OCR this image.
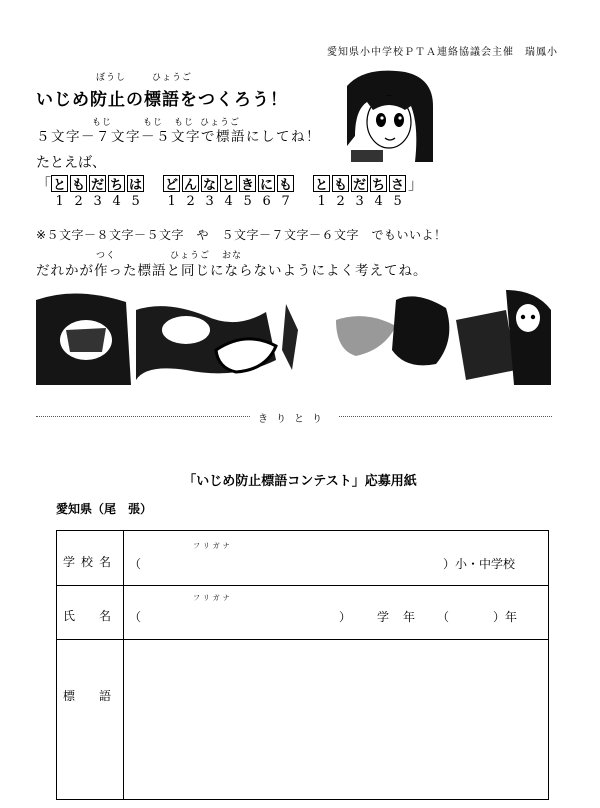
愛知県小中学校ＰＴＡ連絡協議会主催　瑞鳳小
ぼうし	ひょうご
いじめ防止の標語をつくろう！
もじ	もじ もじ ひょうご
５文字－７文字－５文字で標語にしてね！
たとえば、
「 と も だ ち は ど ん な と き に も と も だ ち さ 」
1 2 3 4 5 1 2 3 4 5 6 7 1 2 3 4 5
※５文字－８文字－５文字　や　５文字－７文字－６文字　でもいいよ！
つく	ひょうご おな
だれかが作った標語と同じにならないようによく考えてね。
きりとり
「いじめ防止標語コンテスト」応募用紙
愛知県（尾　張）
学校名
フリガナ
（	）小・中学校
氏　名
フリガナ
（	） 学年 （	）年
標　語
